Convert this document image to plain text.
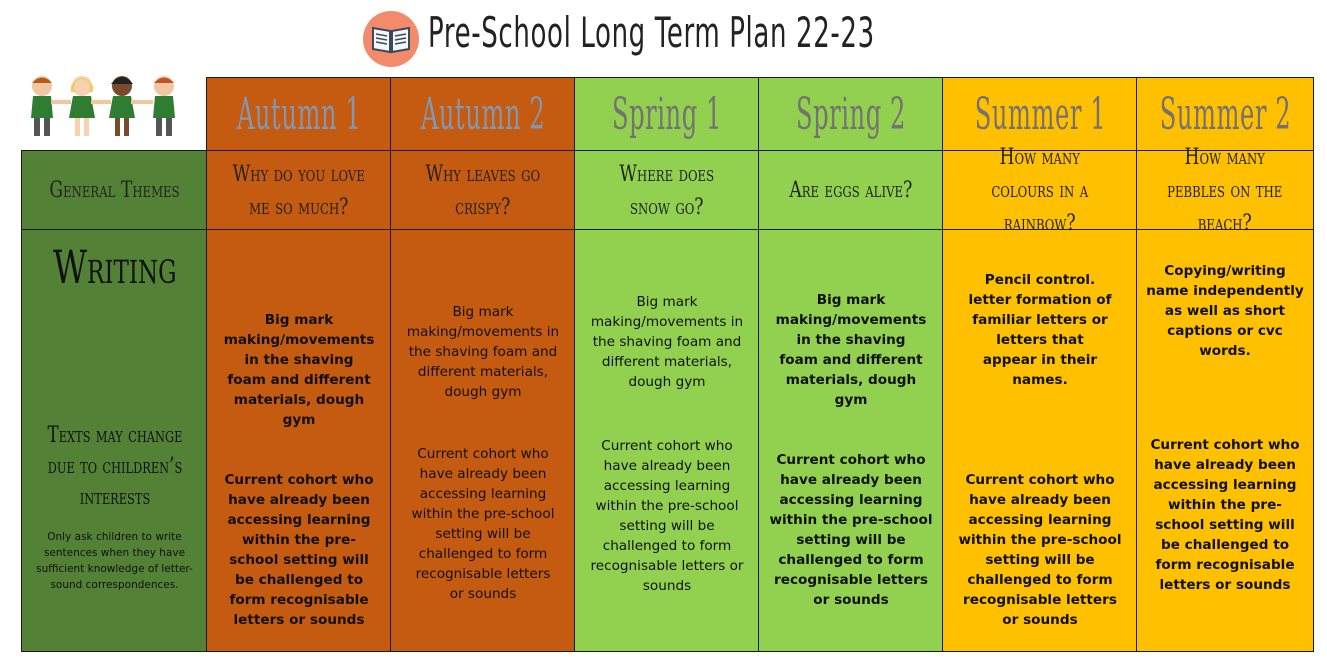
Pre-School Long Term Plan 22-23
Autumn 1 Autumn 2 Spring 1 Spring 2 Summer 1 Summer 2
General Themes
Why do you love me so much?
Why leaves go crispy?
Where does snow go?
Are eggs alive?
How many colours in a rainbow?
How many pebbles on the beach?
Writing
Texts may change due to children’s interests
Only ask children to write sentences when they have sufficient knowledge of letter-sound correspondences.
Big mark making/movements in the shaving foam and different materials, dough gym
Current cohort who have already been accessing learning within the pre-school setting will be challenged to form recognisable letters or sounds
Big mark making/movements in the shaving foam and different materials, dough gym
Current cohort who have already been accessing learning within the pre-school setting will be challenged to form recognisable letters or sounds
Big mark making/movements in the shaving foam and different materials, dough gym
Current cohort who have already been accessing learning within the pre-school setting will be challenged to form recognisable letters or sounds
Big mark making/movements in the shaving foam and different materials, dough gym
Current cohort who have already been accessing learning within the pre-school setting will be challenged to form recognisable letters or sounds
Pencil control. letter formation of familiar letters or letters that appear in their names.
Current cohort who have already been accessing learning within the pre-school setting will be challenged to form recognisable letters or sounds
Copying/writing name independently as well as short captions or cvc words.
Current cohort who have already been accessing learning within the pre-school setting will be challenged to form recognisable letters or sounds
